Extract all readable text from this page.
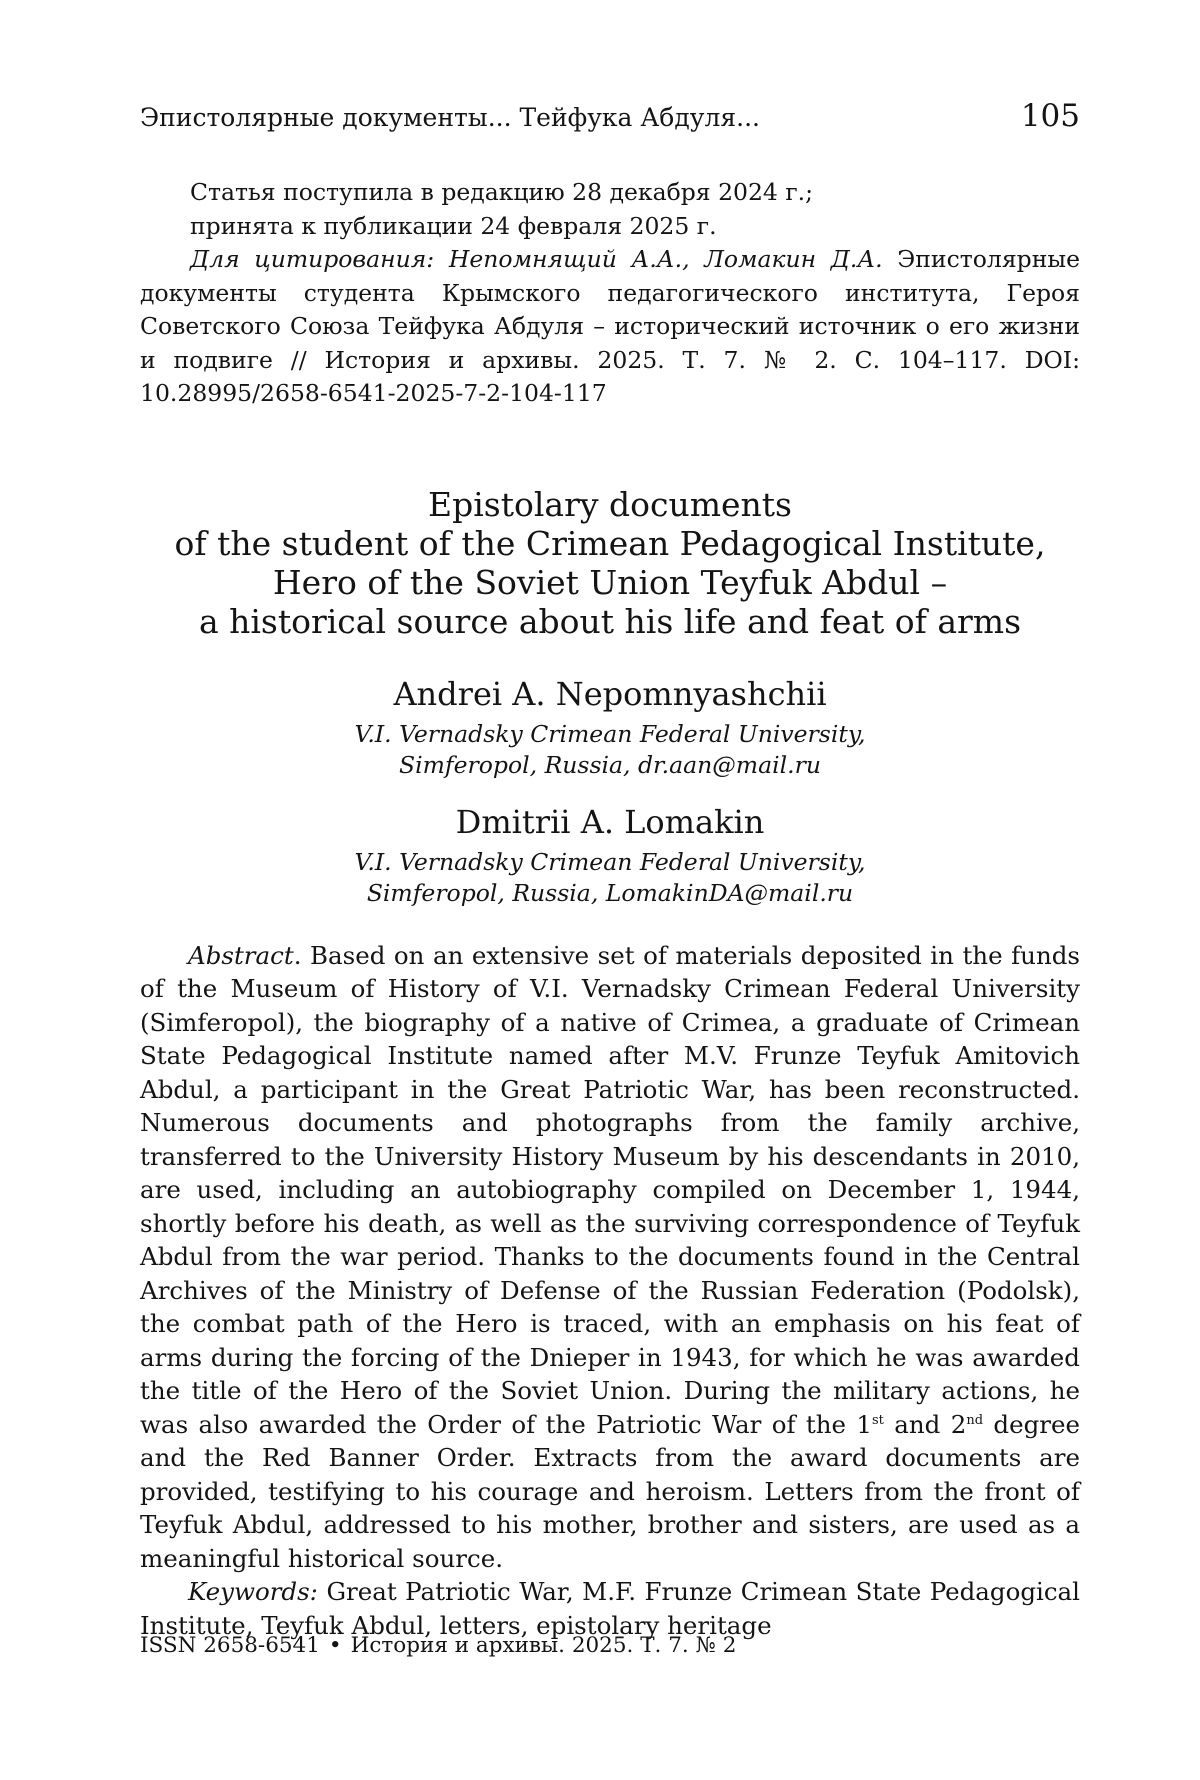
Эпистолярные документы... Тейфука Абдуля...	105
Статья поступила в редакцию 28 декабря 2024 г.;
принята к публикации 24 февраля 2025 г.
Для цитирования: Непомнящий А.А., Ломакин Д.А. Эпистолярные документы студента Крымского педагогического института, Героя Советского Союза Тейфука Абдуля – исторический источник о его жизни и подвиге // История и архивы. 2025. Т. 7. № 2. С. 104–117. DOI: 10.28995/2658-6541-2025-7-2-104-117
Epistolary documents
of the student of the Crimean Pedagogical Institute,
Hero of the Soviet Union Teyfuk Abdul –
a historical source about his life and feat of arms
Andrei A. Nepomnyashchii
V.I. Vernadsky Crimean Federal University,
Simferopol, Russia, dr.aan@mail.ru
Dmitrii A. Lomakin
V.I. Vernadsky Crimean Federal University,
Simferopol, Russia, LomakinDA@mail.ru

Abstract. Based on an extensive set of materials deposited in the funds of the Museum of History of V.I. Vernadsky Crimean Federal University (Simferopol), the biography of a native of Crimea, a graduate of Crimean State Pedagogical Institute named after M.V. Frunze Teyfuk Amitovich Abdul, a participant in the Great Patriotic War, has been reconstructed. Numerous documents and photographs from the family archive, transferred to the University History Museum by his descendants in 2010, are used, including an autobiography compiled on December 1, 1944, shortly before his death, as well as the surviving correspondence of Teyfuk Abdul from the war period. Thanks to the documents found in the Central Archives of the Ministry of Defense of the Russian Federation (Podolsk), the combat path of the Hero is traced, with an emphasis on his feat of arms during the forcing of the Dnieper in 1943, for which he was awarded the title of the Hero of the Soviet Union. During the military actions, he was also awarded the Order of the Patriotic War of the 1st and 2nd degree and the Red Banner Order. Extracts from the award documents are provided, testifying to his courage and heroism. Letters from the front of Teyfuk Abdul, addressed to his mother, brother and sisters, are used as a meaningful historical source.

Keywords: Great Patriotic War, M.F. Frunze Crimean State Pedagogical Institute, Teyfuk Abdul, letters, epistolary heritage

ISSN 2658-6541 • История и архивы. 2025. Т. 7. № 2
